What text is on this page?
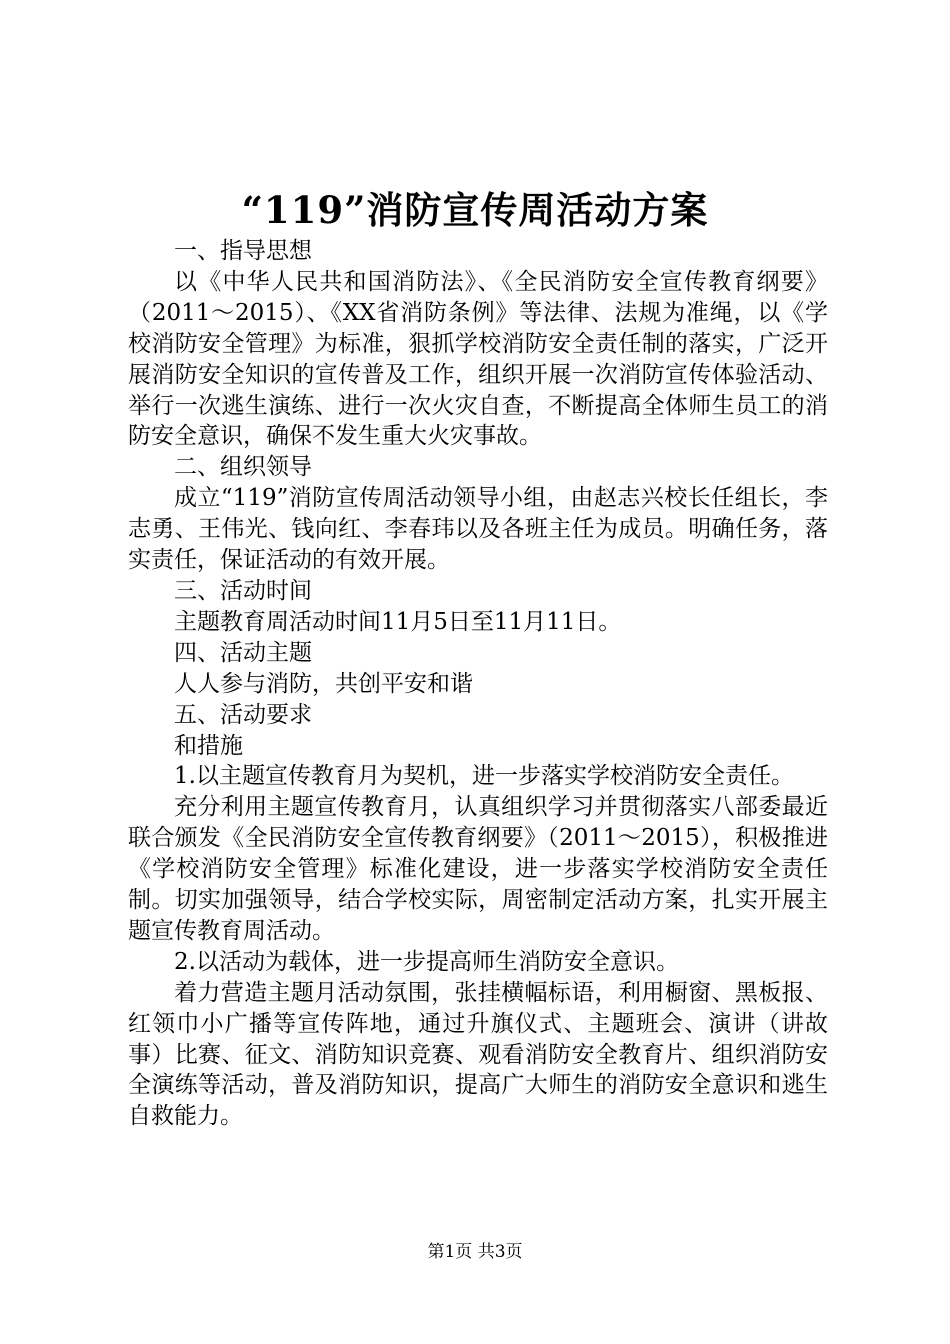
“119”消防宣传周活动方案

一、指导思想

以《中华人民共和国消防法》、《全民消防安全宣传教育纲要》（2011～2015）、《XX省消防条例》等法律、法规为准绳，以《学校消防安全管理》为标准，狠抓学校消防安全责任制的落实，广泛开展消防安全知识的宣传普及工作，组织开展一次消防宣传体验活动、举行一次逃生演练、进行一次火灾自查，不断提高全体师生员工的消防安全意识，确保不发生重大火灾事故。

二、组织领导

成立“119”消防宣传周活动领导小组，由赵志兴校长任组长，李志勇、王伟光、钱向红、李春玮以及各班主任为成员。明确任务，落实责任，保证活动的有效开展。

三、活动时间

主题教育周活动时间11月5日至11月11日。

四、活动主题

人人参与消防，共创平安和谐

五、活动要求

和措施

1.以主题宣传教育月为契机，进一步落实学校消防安全责任。

充分利用主题宣传教育月，认真组织学习并贯彻落实八部委最近联合颁发《全民消防安全宣传教育纲要》（2011～2015），积极推进《学校消防安全管理》标准化建设，进一步落实学校消防安全责任制。切实加强领导，结合学校实际，周密制定活动方案，扎实开展主题宣传教育周活动。

2.以活动为载体，进一步提高师生消防安全意识。

着力营造主题月活动氛围，张挂横幅标语，利用橱窗、黑板报、红领巾小广播等宣传阵地，通过升旗仪式、主题班会、演讲（讲故事）比赛、征文、消防知识竞赛、观看消防安全教育片、组织消防安全演练等活动，普及消防知识，提高广大师生的消防安全意识和逃生自救能力。

第1页 共3页
